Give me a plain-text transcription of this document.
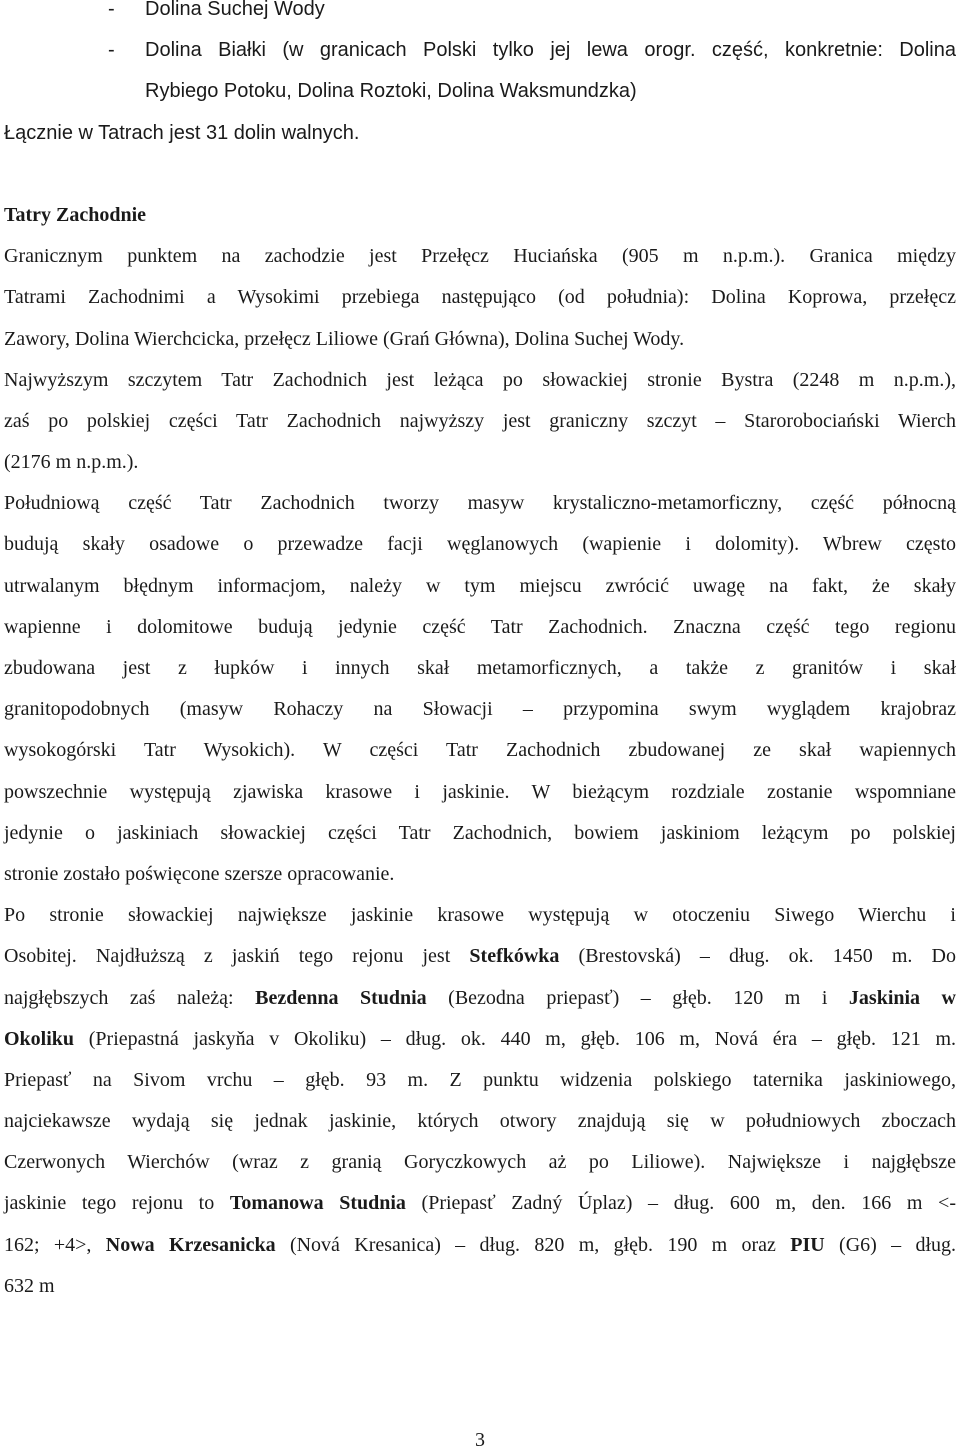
- Dolina Suchej Wody
- Dolina Białki (w granicach Polski tylko jej lewa orogr. część, konkretnie: Dolina
Rybiego Potoku, Dolina Roztoki, Dolina Waksmundzka)
Łącznie w Tatrach jest 31 dolin walnych.
Tatry Zachodnie
Granicznym punktem na zachodzie jest Przełęcz Huciańska (905 m n.p.m.). Granica między
Tatrami Zachodnimi a Wysokimi przebiega następująco (od południa): Dolina Koprowa, przełęcz
Zawory, Dolina Wierchcicka, przełęcz Liliowe (Grań Główna), Dolina Suchej Wody.
Najwyższym szczytem Tatr Zachodnich jest leżąca po słowackiej stronie Bystra (2248 m n.p.m.),
zaś po polskiej części Tatr Zachodnich najwyższy jest graniczny szczyt – Starorobociański Wierch
(2176 m n.p.m.).
Południową część Tatr Zachodnich tworzy masyw krystaliczno-metamorficzny, część północną
budują skały osadowe o przewadze facji węglanowych (wapienie i dolomity). Wbrew często
utrwalanym błędnym informacjom, należy w tym miejscu zwrócić uwagę na fakt, że skały
wapienne i dolomitowe budują jedynie część Tatr Zachodnich. Znaczna część tego regionu
zbudowana jest z łupków i innych skał metamorficznych, a także z granitów i skał
granitopodobnych (masyw Rohaczy na Słowacji – przypomina swym wyglądem krajobraz
wysokogórski Tatr Wysokich). W części Tatr Zachodnich zbudowanej ze skał wapiennych
powszechnie występują zjawiska krasowe i jaskinie. W bieżącym rozdziale zostanie wspomniane
jedynie o jaskiniach słowackiej części Tatr Zachodnich, bowiem jaskiniom leżącym po polskiej
stronie zostało poświęcone szersze opracowanie.
Po stronie słowackiej największe jaskinie krasowe występują w otoczeniu Siwego Wierchu i
Osobitej. Najdłuższą z jaskiń tego rejonu jest Stefkówka (Brestovská) – dług. ok. 1450 m. Do
najgłębszych zaś należą: Bezdenna Studnia (Bezodna priepasť) – głęb. 120 m i Jaskinia w
Okoliku (Priepastná jaskyňa v Okoliku) – dług. ok. 440 m, głęb. 106 m, Nová éra – głęb. 121 m.
Priepasť na Sivom vrchu – głęb. 93 m. Z punktu widzenia polskiego taternika jaskiniowego,
najciekawsze wydają się jednak jaskinie, których otwory znajdują się w południowych zboczach
Czerwonych Wierchów (wraz z granią Goryczkowych aż po Liliowe). Największe i najgłębsze
jaskinie tego rejonu to Tomanowa Studnia (Priepasť Zadný Úplaz) – dług. 600 m, den. 166 m <-
162; +4>, Nowa Krzesanicka (Nová Kresanica) – dług. 820 m, głęb. 190 m oraz PIU (G6) – dług.
632 m
3
